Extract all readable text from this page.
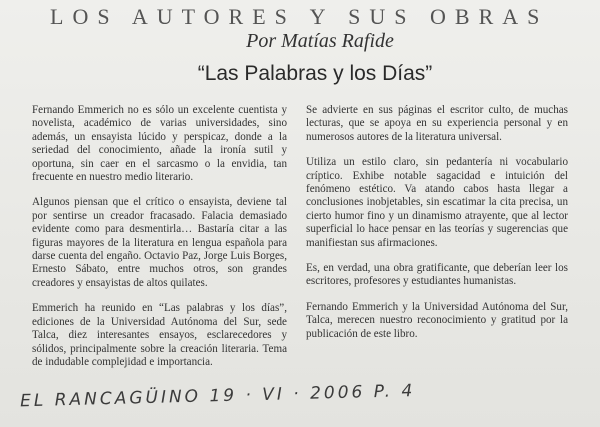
LOS AUTORES Y SUS OBRAS
Por Matías Rafide
“Las Palabras y los Días”

Fernando Emmerich no es sólo un excelente cuentista y novelista, académico de varias universidades, sino además, un ensayista lúcido y perspicaz, donde a la seriedad del conocimiento, añade la ironía sutil y oportuna, sin caer en el sarcasmo o la envidia, tan frecuente en nuestro medio literario.

Algunos piensan que el crítico o ensayista, deviene tal por sentirse un creador fracasado. Falacia demasiado evidente como para desmentirla… Bastaría citar a las figuras mayores de la literatura en lengua española para darse cuenta del engaño. Octavio Paz, Jorge Luis Borges, Ernesto Sábato, entre muchos otros, son grandes creadores y ensayistas de altos quilates.

Emmerich ha reunido en “Las palabras y los días”, ediciones de la Universidad Autónoma del Sur, sede Talca, diez interesantes ensayos, esclarecedores y sólidos, principalmente sobre la creación literaria. Tema de indudable complejidad e importancia.

Se advierte en sus páginas el escritor culto, de muchas lecturas, que se apoya en su experiencia personal y en numerosos autores de la literatura universal.

Utiliza un estilo claro, sin pedantería ni vocabulario críptico. Exhibe notable sagacidad e intuición del fenómeno estético. Va atando cabos hasta llegar a conclusiones inobjetables, sin escatimar la cita precisa, un cierto humor fino y un dinamismo atrayente, que al lector superficial lo hace pensar en las teorías y sugerencias que manifiestan sus afirmaciones.

Es, en verdad, una obra gratificante, que deberían leer los escritores, profesores y estudiantes humanistas.

Fernando Emmerich y la Universidad Autónoma del Sur, Talca, merecen nuestro reconocimiento y gratitud por la publicación de este libro.

EL RANCAGÜINO 19 · VI · 2006 P. 4
